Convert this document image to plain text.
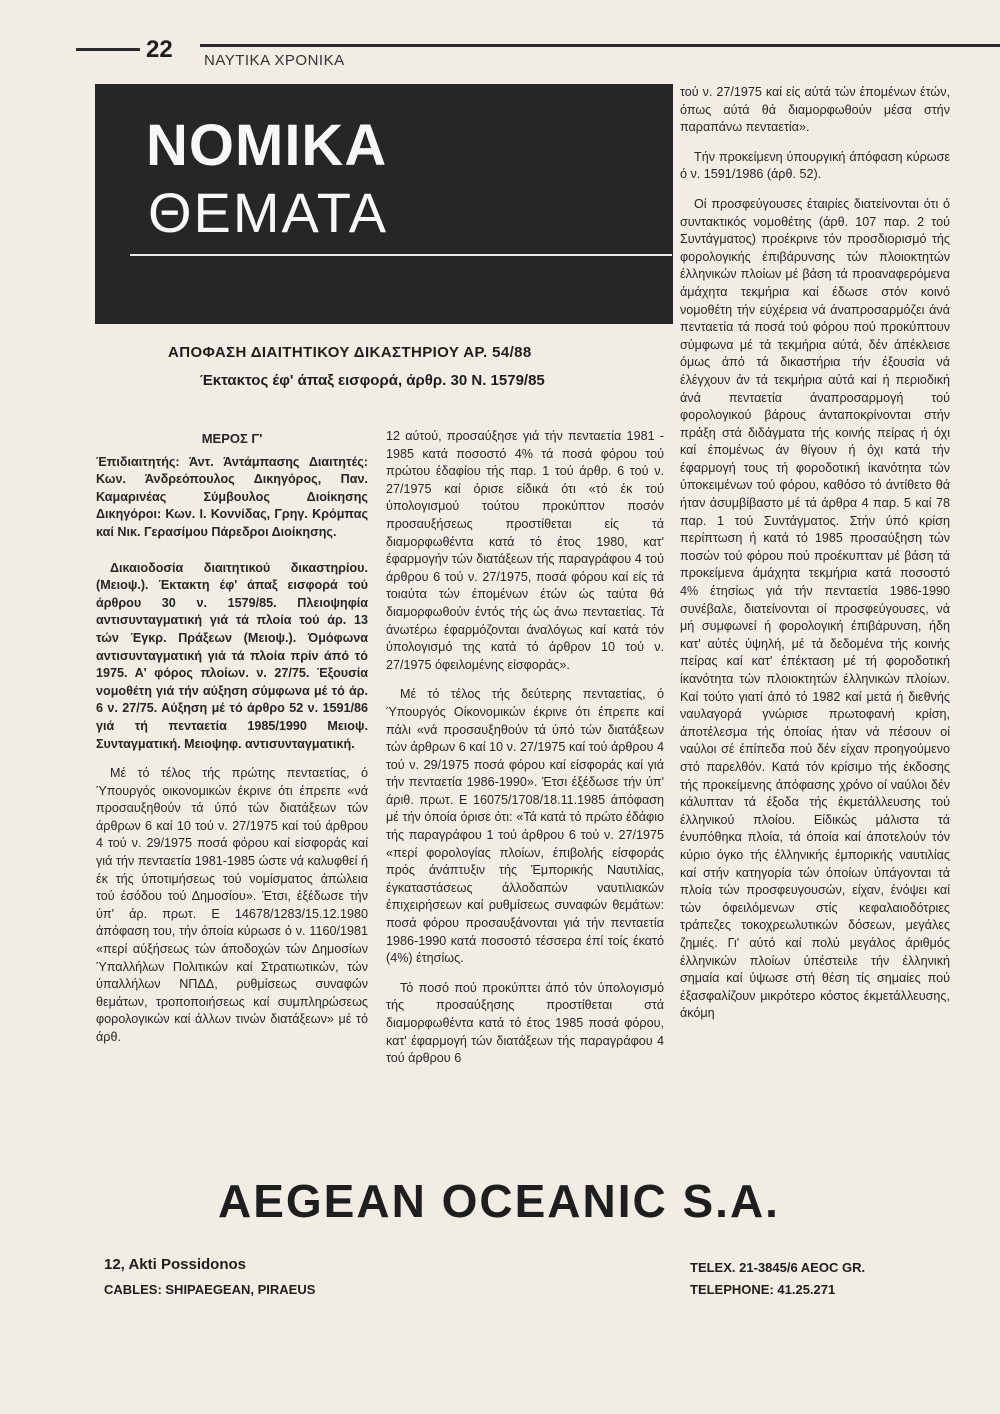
22 ΝΑΥΤΙΚΑ ΧΡΟΝΙΚΑ
ΝΟΜΙΚΑ
ΘΕΜΑΤΑ
ΑΠΟΦΑΣΗ ΔΙΑΙΤΗΤΙΚΟΥ ΔΙΚΑΣΤΗΡΙΟΥ ΑΡ. 54/88
Έκτακτος έφ' άπαξ εισφορά, άρθρ. 30 Ν. 1579/85
ΜΕΡΟΣ Γ'

Έπιδιαιτητής: Άντ. Άντάμπασης Διαιτητές: Κων. Άνδρεόπουλος Δικηγόρος, Παν. Καμαρινέας Σύμβουλος Διοίκησης Δικηγόροι: Κων. Ι. Κοννίδας, Γρηγ. Κρόμπας καί Νικ. Γερασίμου Πάρεδροι Διοίκησης.

Δικαιοδοσία διαιτητικού δικαστηρίου. (Μειοψ.). Έκτακτη έφ' άπαξ εισφορά τού άρθρου 30 ν. 1579/85. Πλειοψηφία αντισυνταγματική γιά τά πλοία τού άρ. 13 τών Έγκρ. Πράξεων (Μειοψ.). Όμόφωνα αντισυνταγματική γιά τά πλοία πρίν άπό τό 1975. Α' φόρος πλοίων. ν. 27/75. Έξουσία νομοθέτη γιά τήν αύξηση σύμφωνα μέ τό άρ. 6 ν. 27/75. Αύξηση μέ τό άρθρο 52 ν. 1591/86 γιά τή πενταετία 1985/1990 Μειοψ. Συνταγματική. Μειοψηφ. αντισυνταγματική.

Μέ τό τέλος τής πρώτης πενταετίας, ό Ύπουργός οικονομικών έκρινε ότι έπρεπε «νά προσαυξηθούν τά ύπό τών διατάξεων τών άρθρων 6 καί 10 τού ν. 27/1975 καί τού άρθρου 4 τού ν. 29/1975 ποσά φόρου καί είσφοράς καί γιά τήν πενταετία 1981-1985 ώστε νά καλυφθεί ή έκ τής ύποτιμήσεως τού νομίσματος άπώλεια τού έσόδου τού Δημοσίου». Έτσι, έξέδωσε τήν ύπ' άρ. πρωτ. Ε 14678/1283/15.12.1980 άπόφαση του, τήν όποία κύρωσε ό ν. 1160/1981 «περί αύξήσεως τών άποδοχών τών Δημοσίων Ύπαλλήλων Πολιτικών καί Στρατιωτικών, τών ύπαλλήλων ΝΠΔΔ, ρυθμίσεως συναφών θεμάτων, τροποποιήσεως καί συμπληρώσεως φορολογικών καί άλλων τινών διατάξεων» μέ τό άρθ.

12 αύτού, προσαύξησε γιά τήν πενταετία 1981 - 1985 κατά ποσοστό 4% τά ποσά φόρου τού πρώτου έδαφίου τής παρ. 1 τού άρθρ. 6 τού ν. 27/1975 καί όρισε είδικά ότι «τό έκ τού ύπολογισμού τούτου προκύπτον ποσόν προσαυξήσεως προστίθεται είς τά διαμορφωθέντα κατά τό έτος 1980, κατ' έφαρμογήν τών διατάξεων τής παραγράφου 4 τού άρθρου 6 τού ν. 27/1975, ποσά φόρου καί είς τά τοιαύτα τών έπομένων έτών ώς ταύτα θά διαμορφωθούν έντός τής ώς άνω πενταετίας. Τά άνωτέρω έφαρμόζονται άναλόγως καί κατά τόν ύπολογισμό της κατά τό άρθρον 10 τού ν. 27/1975 όφειλομένης είσφοράς».

Μέ τό τέλος τής δεύτερης πενταετίας, ό Ύπουργός Οίκονομικών έκρινε ότι έπρεπε καί πάλι «νά προσαυξηθούν τά ύπό τών διατάξεων τών άρθρων 6 καί 10 ν. 27/1975 καί τού άρθρου 4 τού ν. 29/1975 ποσά φόρου καί είσφοράς καί γιά τήν πενταετία 1986-1990». Έτσι έξέδωσε τήν ύπ' άριθ. πρωτ. Ε 16075/1708/18.11.1985 άπόφαση μέ τήν όποία όρισε ότι: «Τά κατά τό πρώτο έδάφιο τής παραγράφου 1 τού άρθρου 6 τού ν. 27/1975 «περί φορολογίας πλοίων, έπιβολής είσφοράς πρός άνάπτυξιν τής Έμπορικής Ναυτιλίας, έγκαταστάσεως άλλοδαπών ναυτιλιακών έπιχειρήσεων καί ρυθμίσεως συναφών θεμάτων: ποσά φόρου προσαυξάνονται γιά τήν πενταετία 1986-1990 κατά ποσοστό τέσσερα έπί τοίς έκατό (4%) έτησίως.

Τό ποσό πού προκύπτει άπό τόν ύπολογισμό τής προσαύξησης προστίθεται στά διαμορφωθέντα κατά τό έτος 1985 ποσά φόρου, κατ' έφαρμογή τών διατάξεων τής παραγράφου 4 τού άρθρου 6

τού ν. 27/1975 καί είς αύτά τών έπομένων έτών, όπως αύτά θά διαμορφωθούν μέσα στήν παραπάνω πενταετία».

Τήν προκείμενη ύπουργική άπόφαση κύρωσε ό ν. 1591/1986 (άρθ. 52).

Οί προσφεύγουσες έταιρίες διατείνονται ότι ό συντακτικός νομοθέτης (άρθ. 107 παρ. 2 τού Συντάγματος) προέκρινε τόν προσδιορισμό τής φορολογικής έπιβάρυνσης τών πλοιοκτητών έλληνικών πλοίων μέ βάση τά προαναφερόμενα άμάχητα τεκμήρια καί έδωσε στόν κοινό νομοθέτη τήν εύχέρεια νά άναπροσαρμόζει άνά πενταετία τά ποσά τού φόρου πού προκύπτουν σύμφωνα μέ τά τεκμήρια αύτά, δέν άπέκλεισε όμως άπό τά δικαστήρια τήν έξουσία νά έλέγχουν άν τά τεκμήρια αύτά καί ή περιοδική άνά πενταετία άναπροσαρμογή τού φορολογικού βάρους άνταποκρίνονται στήν πράξη στά διδάγματα τής κοινής πείρας ή όχι καί έπομένως άν θίγουν ή όχι κατά τήν έφαρμογή τους τή φοροδοτική ίκανότητα τών ύποκειμένων τού φόρου, καθόσο τό άντίθετο θά ήταν άσυμβίβαστο μέ τά άρθρα 4 παρ. 5 καί 78 παρ. 1 τού Συντάγματος. Στήν ύπό κρίση περίπτωση ή κατά τό 1985 προσαύξηση τών ποσών τού φόρου πού προέκυπταν μέ βάση τά προκείμενα άμάχητα τεκμήρια κατά ποσοστό 4% έτησίως γιά τήν πενταετία 1986-1990 συνέβαλε, διατείνονται οί προσφεύγουσες, νά μή συμφωνεί ή φορολογική έπιβάρυνση, ήδη κατ' αύτές ύψηλή, μέ τά δεδομένα τής κοινής πείρας καί κατ' έπέκταση μέ τή φοροδοτική ίκανότητα τών πλοιοκτητών έλληνικών πλοίων. Καί τούτο γιατί άπό τό 1982 καί μετά ή διεθνής ναυλαγορά γνώρισε πρωτοφανή κρίση, άποτέλεσμα τής όποίας ήταν νά πέσουν οί ναύλοι σέ έπίπεδα πού δέν είχαν προηγούμενο στό παρελθόν. Κατά τόν κρίσιμο τής έκδοσης τής προκείμενης άπόφασης χρόνο οί ναύλοι δέν κάλυπταν τά έξοδα τής έκμετάλλευσης τού έλληνικού πλοίου. Είδικώς μάλιστα τά ένυπόθηκα πλοία, τά όποία καί άποτελούν τόν κύριο όγκο τής έλληνικής έμπορικής ναυτιλίας καί στήν κατηγορία τών όποίων ύπάγονται τά πλοία τών προσφευγουσών, είχαν, ένόψει καί τών όφειλόμενων στίς κεφαλαιοδότριες τράπεζες τοκοχρεωλυτικών δόσεων, μεγάλες ζημιές. Γι' αύτό καί πολύ μεγάλος άριθμός έλληνικών πλοίων ύπέστειλε τήν έλληνική σημαία καί ύψωσε στή θέση τίς σημαίες πού έξασφαλίζουν μικρότερο κόστος έκμετάλλευσης, άκόμη

AEGEAN OCEANIC S.A.
12, Akti Possidonos
CABLES: SHIPAEGEAN, PIRAEUS
TELEX. 21-3845/6 AEOC GR.
TELEPHONE: 41.25.271
